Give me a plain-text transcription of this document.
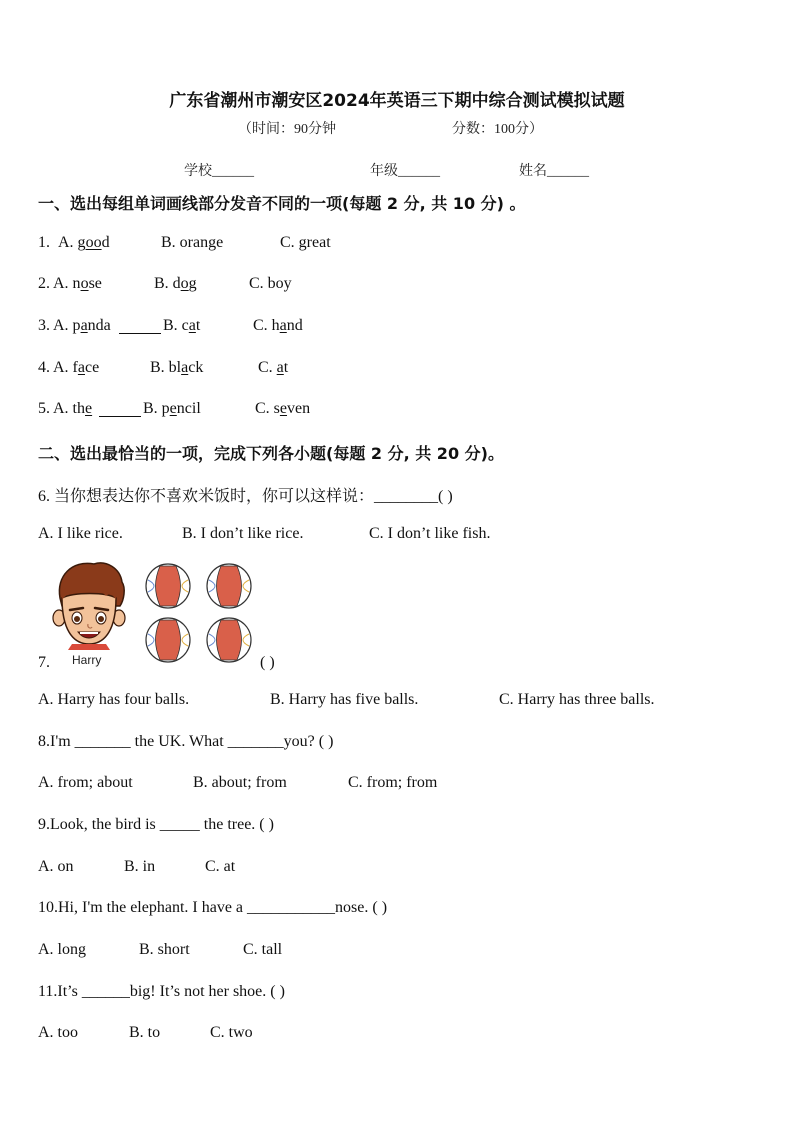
广东省潮州市潮安区2024年英语三下期中综合测试模拟试题
（时间：90分钟	分数：100分）
学校______	年级______	姓名______
一、选出每组单词画线部分发音不同的一项(每题 2 分, 共 10 分) 。
1. A. good	B. orange	C. great
2. A. nose	B. dog	C. boy
3. A. panda	B. cat	C. hand
4. A. face	B. black	C. at
5. A. the	B. pencil	C. seven
二、选出最恰当的一项，完成下列各小题(每题 2 分, 共 20 分)。
6. 当你想表达你不喜欢米饭时，你可以这样说：________( )
A. I like rice.	B. I don’t like rice.	C. I don’t like fish.
7. Harry	( )
A. Harry has four balls.	B. Harry has five balls.	C. Harry has three balls.
8.I'm _______ the UK. What _______you? ( )
A. from; about	B. about; from	C. from; from
9.Look, the bird is _____ the tree. ( )
A. on	B. in	C. at
10.Hi, I'm the elephant. I have a ___________nose. ( )
A. long	B. short	C. tall
11.It’s ______big! It’s not her shoe. ( )
A. too	B. to	C. two
